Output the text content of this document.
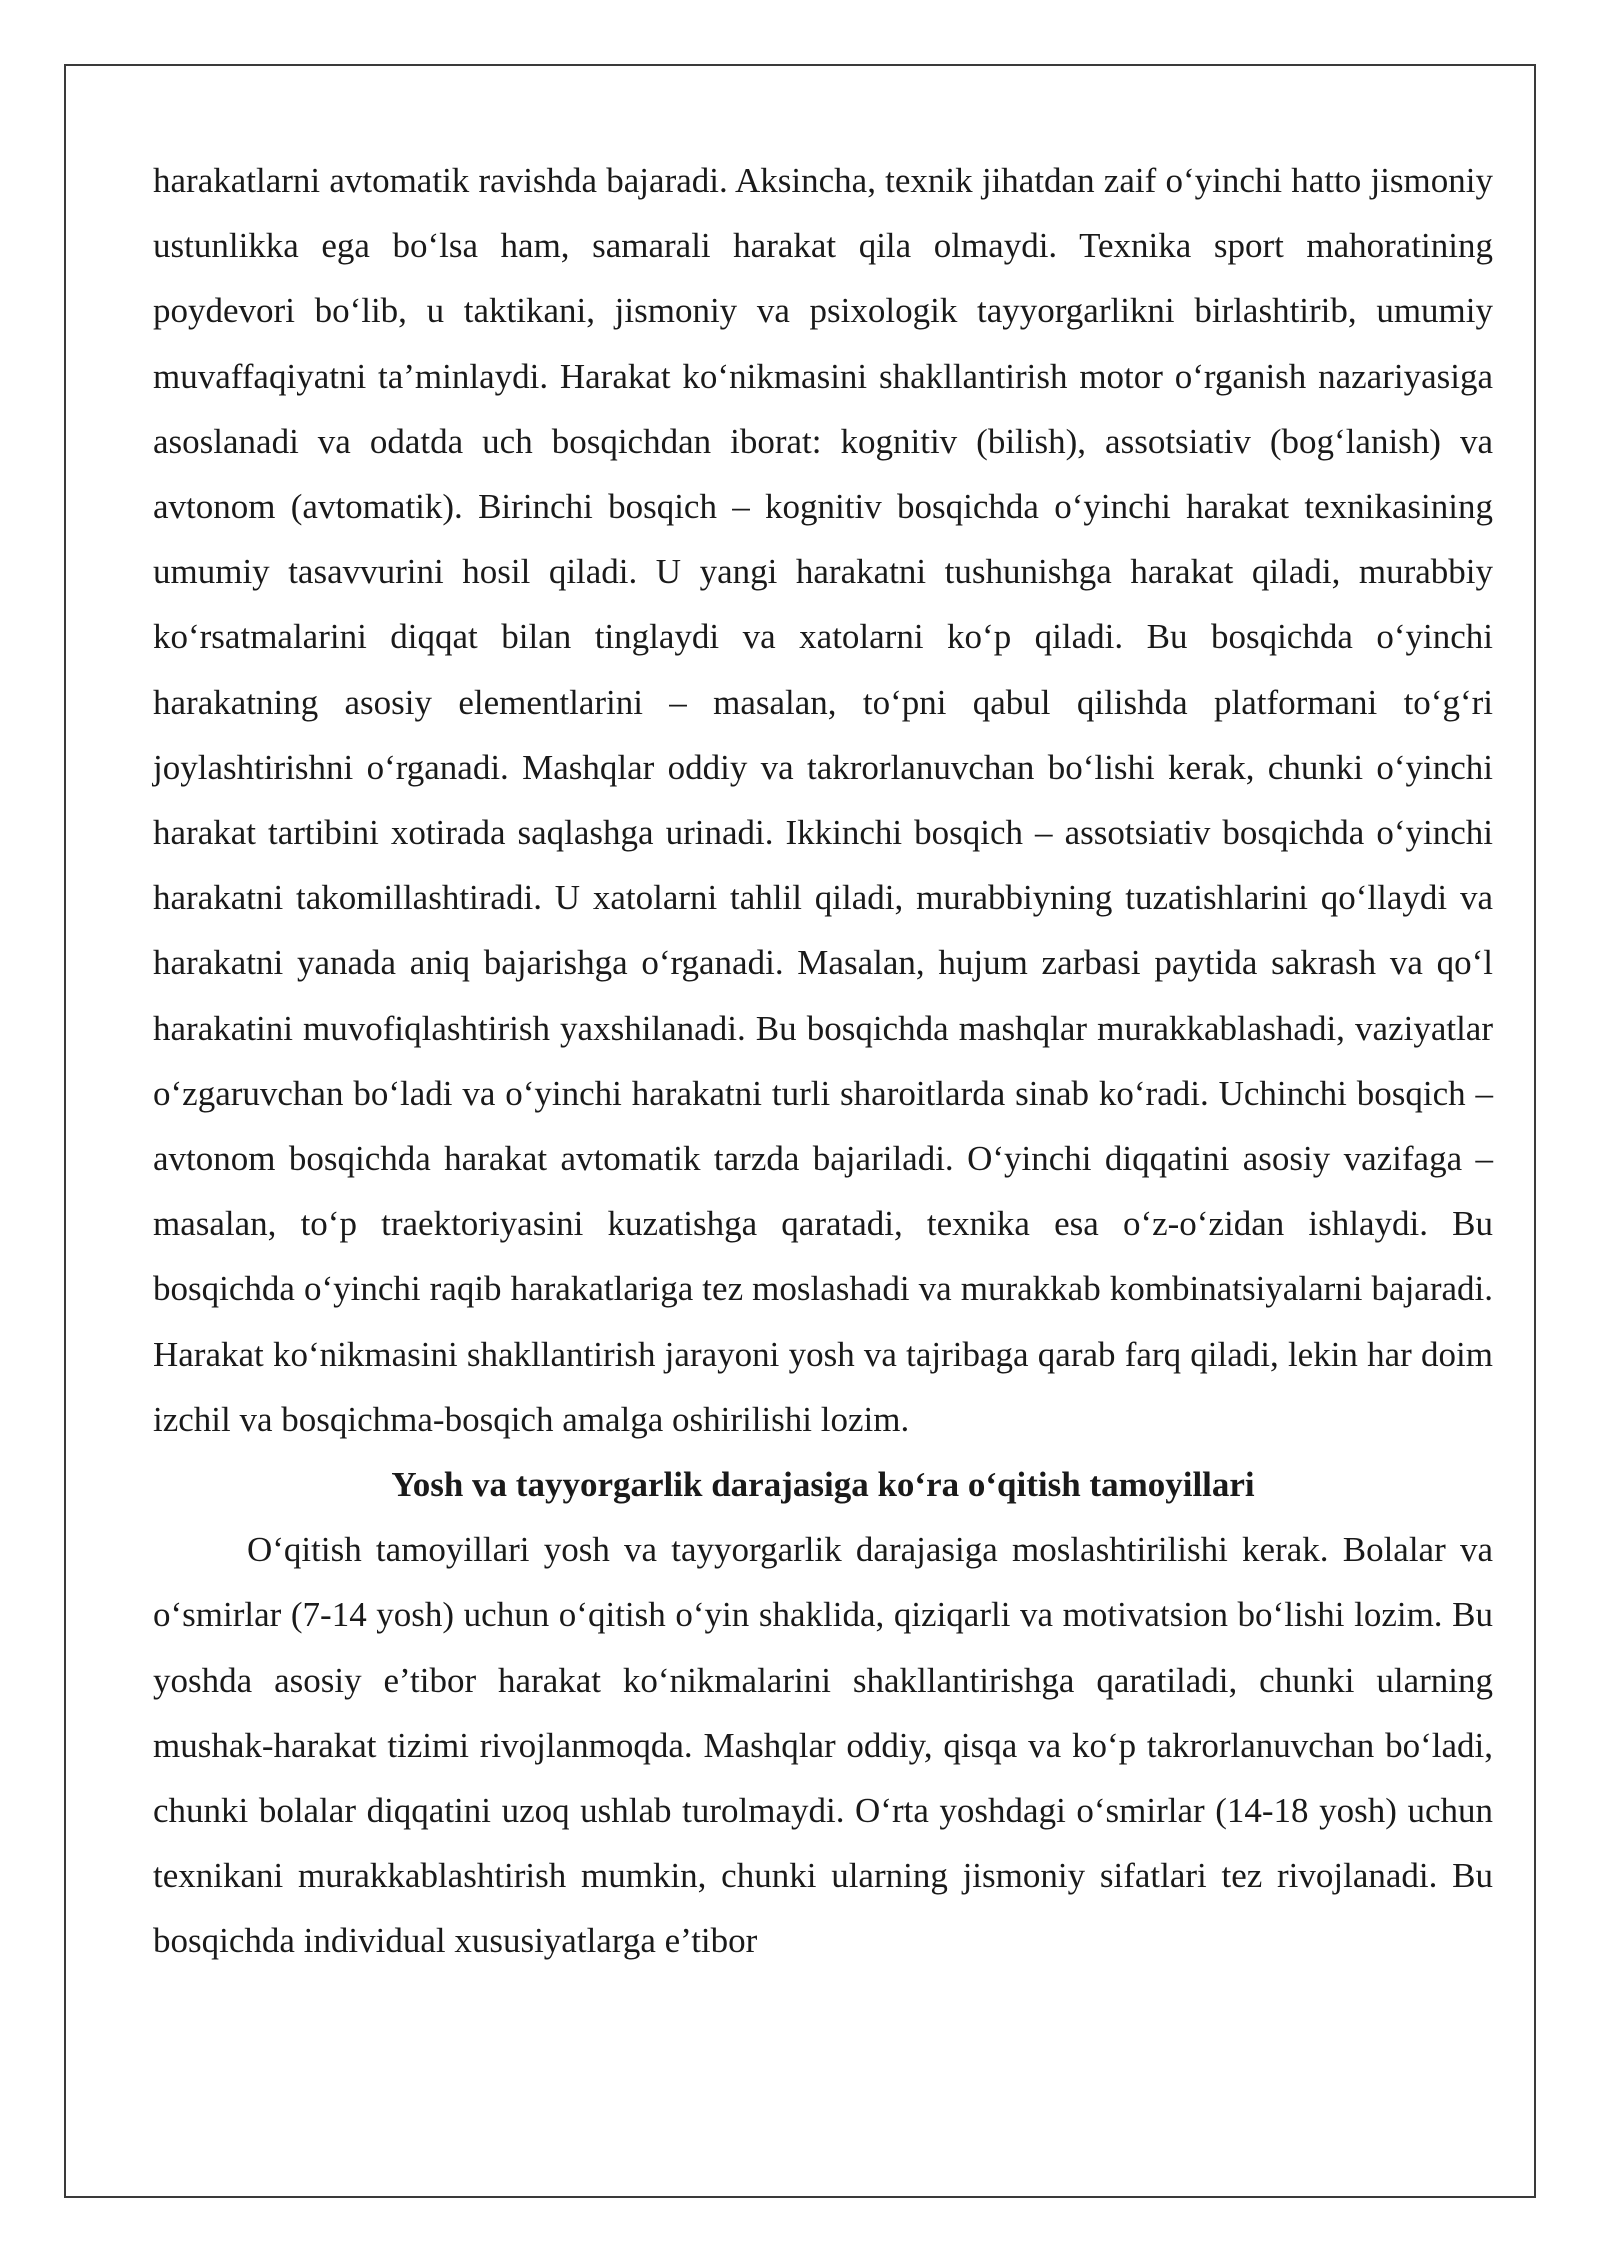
harakatlarni avtomatik ravishda bajaradi. Aksincha, texnik jihatdan zaif o‘yinchi hatto jismoniy ustunlikka ega bo‘lsa ham, samarali harakat qila olmaydi. Texnika sport mahoratining poydevori bo‘lib, u taktikani, jismoniy va psixologik tayyorgarlikni birlashtirib, umumiy muvaffaqiyatni ta’minlaydi. Harakat ko‘nikmasini shakllantirish motor o‘rganish nazariyasiga asoslanadi va odatda uch bosqichdan iborat: kognitiv (bilish), assotsiativ (bog‘lanish) va avtonom (avtomatik). Birinchi bosqich – kognitiv bosqichda o‘yinchi harakat texnikasining umumiy tasavvurini hosil qiladi. U yangi harakatni tushunishga harakat qiladi, murabbiy ko‘rsatmalarini diqqat bilan tinglaydi va xatolarni ko‘p qiladi. Bu bosqichda o‘yinchi harakatning asosiy elementlarini – masalan, to‘pni qabul qilishda platformani to‘g‘ri joylashtirishni o‘rganadi. Mashqlar oddiy va takrorlanuvchan bo‘lishi kerak, chunki o‘yinchi harakat tartibini xotirada saqlashga urinadi. Ikkinchi bosqich – assotsiativ bosqichda o‘yinchi harakatni takomillashtiradi. U xatolarni tahlil qiladi, murabbiyning tuzatishlarini qo‘llaydi va harakatni yanada aniq bajarishga o‘rganadi. Masalan, hujum zarbasi paytida sakrash va qo‘l harakatini muvofiqlashtirish yaxshilanadi. Bu bosqichda mashqlar murakkablashadi, vaziyatlar o‘zgaruvchan bo‘ladi va o‘yinchi harakatni turli sharoitlarda sinab ko‘radi. Uchinchi bosqich – avtonom bosqichda harakat avtomatik tarzda bajariladi. O‘yinchi diqqatini asosiy vazifaga – masalan, to‘p traektoriyasini kuzatishga qaratadi, texnika esa o‘z-o‘zidan ishlaydi. Bu bosqichda o‘yinchi raqib harakatlariga tez moslashadi va murakkab kombinatsiyalarni bajaradi. Harakat ko‘nikmasini shakllantirish jarayoni yosh va tajribaga qarab farq qiladi, lekin har doim izchil va bosqichma-bosqich amalga oshirilishi lozim.

Yosh va tayyorgarlik darajasiga ko‘ra o‘qitish tamoyillari

O‘qitish tamoyillari yosh va tayyorgarlik darajasiga moslashtirilishi kerak. Bolalar va o‘smirlar (7-14 yosh) uchun o‘qitish o‘yin shaklida, qiziqarli va motivatsion bo‘lishi lozim. Bu yoshda asosiy e’tibor harakat ko‘nikmalarini shakllantirishga qaratiladi, chunki ularning mushak-harakat tizimi rivojlanmoqda. Mashqlar oddiy, qisqa va ko‘p takrorlanuvchan bo‘ladi, chunki bolalar diqqatini uzoq ushlab turolmaydi. O‘rta yoshdagi o‘smirlar (14-18 yosh) uchun texnikani murakkablashtirish mumkin, chunki ularning jismoniy sifatlari tez rivojlanadi. Bu bosqichda individual xususiyatlarga e’tibor
